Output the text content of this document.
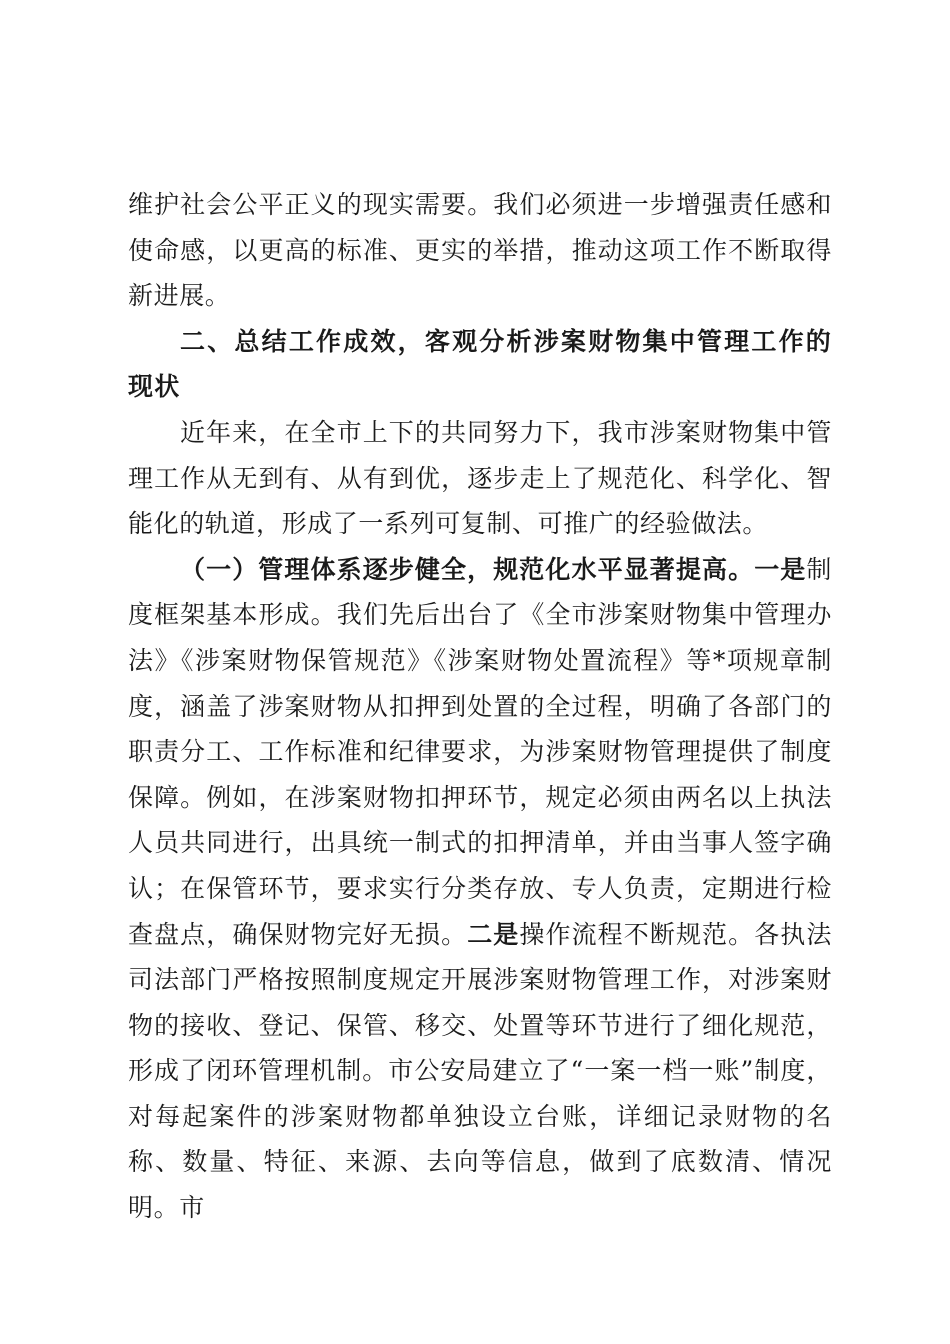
维护社会公平正义的现实需要。我们必须进一步增强责任感和使命感，以更高的标准、更实的举措，推动这项工作不断取得新进展。

二、总结工作成效，客观分析涉案财物集中管理工作的现状

近年来，在全市上下的共同努力下，我市涉案财物集中管理工作从无到有、从有到优，逐步走上了规范化、科学化、智能化的轨道，形成了一系列可复制、可推广的经验做法。

（一）管理体系逐步健全，规范化水平显著提高。一是制度框架基本形成。我们先后出台了《全市涉案财物集中管理办法》《涉案财物保管规范》《涉案财物处置流程》等*项规章制度，涵盖了涉案财物从扣押到处置的全过程，明确了各部门的职责分工、工作标准和纪律要求，为涉案财物管理提供了制度保障。例如，在涉案财物扣押环节，规定必须由两名以上执法人员共同进行，出具统一制式的扣押清单，并由当事人签字确认；在保管环节，要求实行分类存放、专人负责，定期进行检查盘点，确保财物完好无损。二是操作流程不断规范。各执法司法部门严格按照制度规定开展涉案财物管理工作，对涉案财物的接收、登记、保管、移交、处置等环节进行了细化规范，形成了闭环管理机制。市公安局建立了“一案一档一账”制度，对每起案件的涉案财物都单独设立台账，详细记录财物的名称、数量、特征、来源、去向等信息，做到了底数清、情况明。市
